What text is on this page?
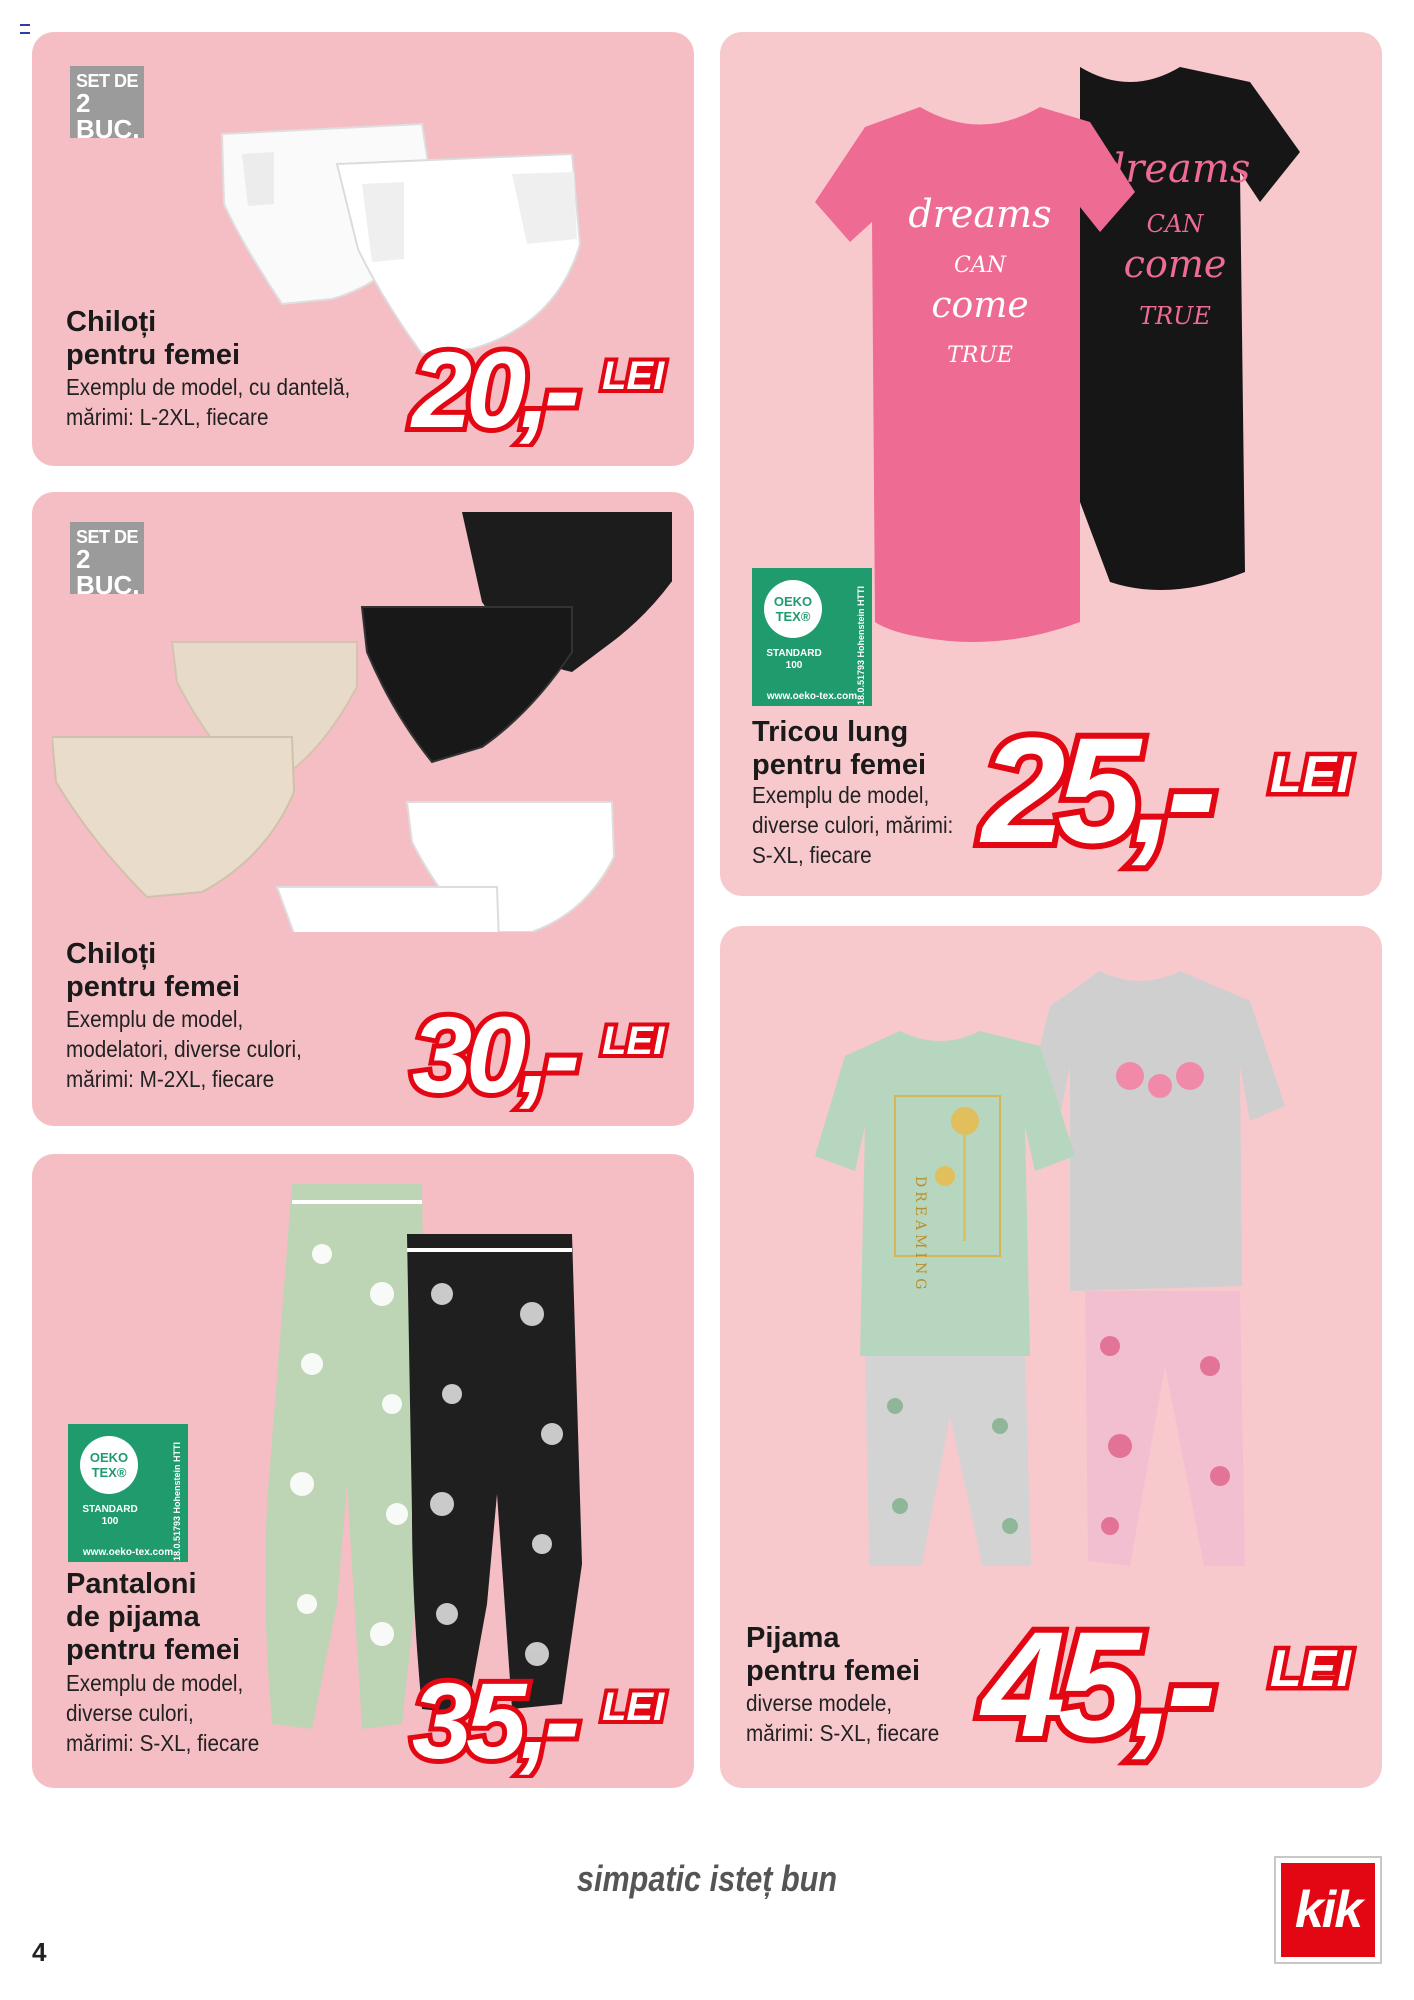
SET DE
2 BUC.
Chiloți
pentru femei
Exemplu de model, cu dantelă,
mărimi: L-2XL, fiecare	20,- LEI
SET DE
2 BUC.
Chiloți
pentru femei
Exemplu de model,
modelatori, diverse culori,
mărimi: M-2XL, fiecare 30,- LEI
OEKO
TEX®
STANDARD
100	18.0.51793 Hohenstein HTTI
www.oeko-tex.com
Pantaloni
de pijama
pentru femei
Exemplu de model,
diverse culori,
mărimi: S-XL, fiecare 35,- LEI
dreams
CAN
come
TRUE
dreams
CAN
come
TRUE
OEKO
TEX®
STANDARD
100	18.0.51793 Hohenstein HTTI
www.oeko-tex.com
Tricou lung
pentru femei
Exemplu de model,
diverse culori, mărimi:
S-XL, fiecare 25,- LEI
DREAMING
Pijama
pentru femei
diverse modele,
mărimi: S-XL, fiecare 45,- LEI
simpatic isteț bun
4
kik
